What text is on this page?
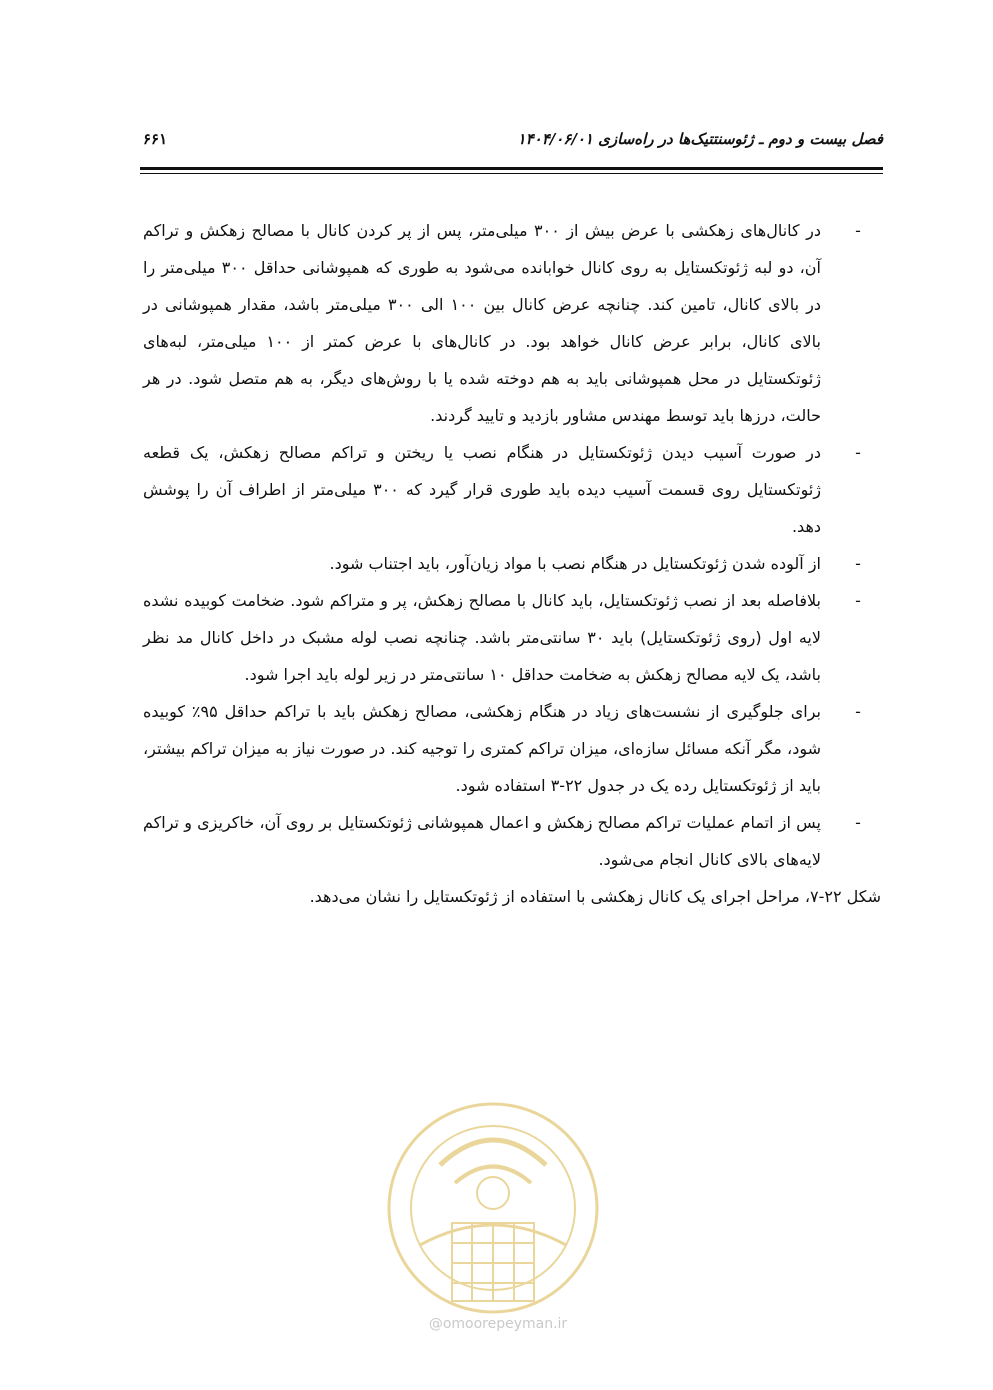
فصل بیست و دوم ـ ژئوسنتتیک‌ها در راه‌سازی ۱۴۰۴/۰۶/۰۱
۶۶۱

-
در کانال‌های زهکشی با عرض بیش از ۳۰۰ میلی‌متر، پس از پر کردن کانال با مصالح زهکش و تراکم آن، دو لبه ژئوتکستایل به روی کانال خوابانده می‌شود به طوری که همپوشانی حداقل ۳۰۰ میلی‌متر را در بالای کانال، تامین کند. چنانچه عرض کانال بین ۱۰۰ الی ۳۰۰ میلی‌متر باشد، مقدار همپوشانی در بالای کانال، برابر عرض کانال خواهد بود. در کانال‌های با عرض کمتر از ۱۰۰ میلی‌متر، لبه‌های ژئوتکستایل در محل همپوشانی باید به هم دوخته شده یا با روش‌های دیگر، به هم متصل شود. در هر حالت، درزها باید توسط مهندس مشاور بازدید و تایید گردند.

-
در صورت آسیب دیدن ژئوتکستایل در هنگام نصب یا ریختن و تراکم مصالح زهکش، یک قطعه ژئوتکستایل روی قسمت آسیب دیده باید طوری قرار گیرد که ۳۰۰ میلی‌متر از اطراف آن را پوشش دهد.

-
از آلوده شدن ژئوتکستایل در هنگام نصب با مواد زیان‌آور، باید اجتناب شود.

-
بلافاصله بعد از نصب ژئوتکستایل، باید کانال با مصالح زهکش، پر و متراکم شود. ضخامت کوبیده نشده لایه اول (روی ژئوتکستایل) باید ۳۰ سانتی‌متر باشد. چنانچه نصب لوله مشبک در داخل کانال مد نظر باشد، یک لایه مصالح زهکش به ضخامت حداقل ۱۰ سانتی‌متر در زیر لوله باید اجرا شود.

-
برای جلوگیری از نشست‌های زیاد در هنگام زهکشی، مصالح زهکش باید با تراکم حداقل ۹۵٪ کوبیده شود، مگر آنکه مسائل سازه‌ای، میزان تراکم کمتری را توجیه کند. در صورت نیاز به میزان تراکم بیشتر، باید از ژئوتکستایل رده یک در جدول ۲۲-۳ استفاده شود.

-
پس از اتمام عملیات تراکم مصالح زهکش و اعمال همپوشانی ژئوتکستایل بر روی آن، خاکریزی و تراکم لایه‌های بالای کانال انجام می‌شود.

شکل ۲۲-۷، مراحل اجرای یک کانال زهکشی با استفاده از ژئوتکستایل را نشان می‌دهد.

@omoorepeyman.ir
